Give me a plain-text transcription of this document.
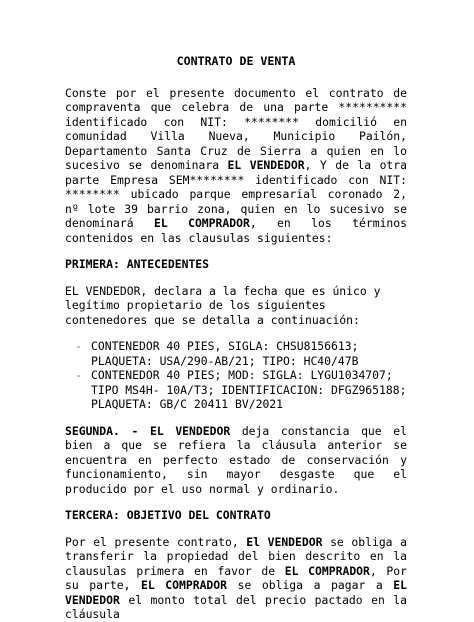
CONTRATO DE VENTA

Conste por el presente documento el contrato de compraventa que celebra de una parte ********** identificado con NIT: ******** domicilió en comunidad Villa Nueva, Municipio Pailón, Departamento Santa Cruz de Sierra a quien en lo sucesivo se denominara EL VENDEDOR, Y de la otra parte Empresa SEM******** identificado con NIT: ******** ubicado parque empresarial coronado 2, nº lote 39 barrio zona, quien en lo sucesivo se denominará EL COMPRADOR, en los términos contenidos en las clausulas siguientes:

PRIMERA: ANTECEDENTES

EL VENDEDOR, declara a la fecha que es único y legítimo propietario de los siguientes contenedores que se detalla a continuación:

- CONTENEDOR 40 PIES, SIGLA: CHSU8156613; PLAQUETA: USA/290-AB/21; TIPO: HC40/47B
- CONTENEDOR 40 PIES; MOD: SIGLA: LYGU1034707; TIPO MS4H- 10A/T3; IDENTIFICACION: DFGZ965188; PLAQUETA: GB/C 20411 BV/2021

SEGUNDA. - EL VENDEDOR deja constancia que el bien a que se refiera la cláusula anterior se encuentra en perfecto estado de conservación y funcionamiento, sin mayor desgaste que el producido por el uso normal y ordinario.

TERCERA: OBJETIVO DEL CONTRATO

Por el presente contrato, El VENDEDOR se obliga a transferir la propiedad del bien descrito en la clausulas primera en favor de EL COMPRADOR, Por su parte, EL COMPRADOR se obliga a pagar a EL VENDEDOR el monto total del precio pactado en la cláusula
